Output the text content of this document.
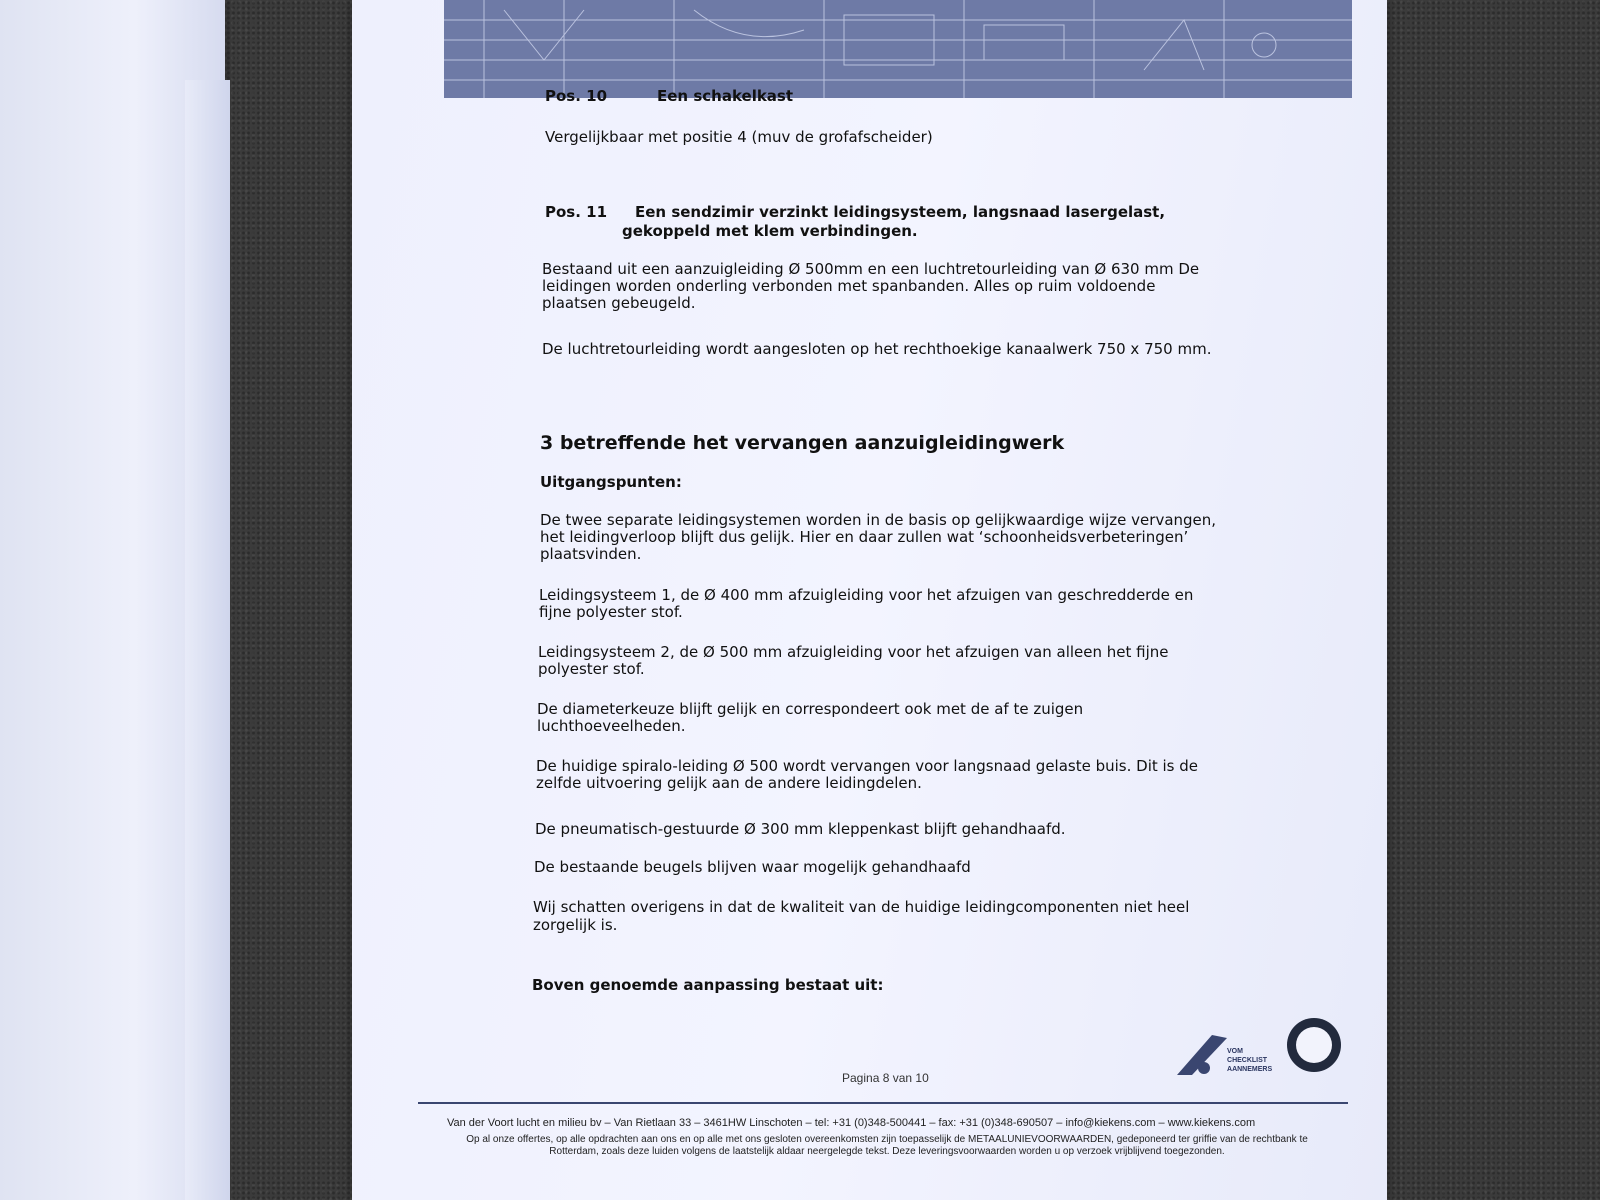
Pos. 10	Een schakelkast
Vergelijkbaar met positie 4 (muv de grofafscheider)
Pos. 11	Een sendzimir verzinkt leidingsysteem, langsnaad lasergelast,
gekoppeld met klem verbindingen.
Bestaand uit een aanzuigleiding Ø 500mm en een luchtretourleiding van Ø 630 mm De
leidingen worden onderling verbonden met spanbanden. Alles op ruim voldoende
plaatsen gebeugeld.
De luchtretourleiding wordt aangesloten op het rechthoekige kanaalwerk 750 x 750 mm.
3 betreffende het vervangen aanzuigleidingwerk
Uitgangspunten:
De twee separate leidingsystemen worden in de basis op gelijkwaardige wijze vervangen,
het leidingverloop blijft dus gelijk. Hier en daar zullen wat ‘schoonheidsverbeteringen’
plaatsvinden.
Leidingsysteem 1, de Ø 400 mm afzuigleiding voor het afzuigen van geschredderde en
fijne polyester stof.
Leidingsysteem 2, de Ø 500 mm afzuigleiding voor het afzuigen van alleen het fijne
polyester stof.
De diameterkeuze blijft gelijk en correspondeert ook met de af te zuigen
luchthoeveelheden.
De huidige spiralo-leiding Ø 500 wordt vervangen voor langsnaad gelaste buis. Dit is de
zelfde uitvoering gelijk aan de andere leidingdelen.
De pneumatisch-gestuurde Ø 300 mm kleppenkast blijft gehandhaafd.
De bestaande beugels blijven waar mogelijk gehandhaafd
Wij schatten overigens in dat de kwaliteit van de huidige leidingcomponenten niet heel
zorgelijk is.
Boven genoemde aanpassing bestaat uit:
VOM
CHECKLIST
AANNEMERS
Pagina 8 van 10
Van der Voort lucht en milieu bv – Van Rietlaan 33 – 3461HW Linschoten – tel: +31 (0)348-500441 – fax: +31 (0)348-690507 – info@kiekens.com – www.kiekens.com
Op al onze offertes, op alle opdrachten aan ons en op alle met ons gesloten overeenkomsten zijn toepasselijk de METAALUNIEVOORWAARDEN, gedeponeerd ter griffie van de rechtbank te Rotterdam, zoals deze luiden volgens de laatstelijk aldaar neergelegde tekst. Deze leveringsvoorwaarden worden u op verzoek vrijblijvend toegezonden.
